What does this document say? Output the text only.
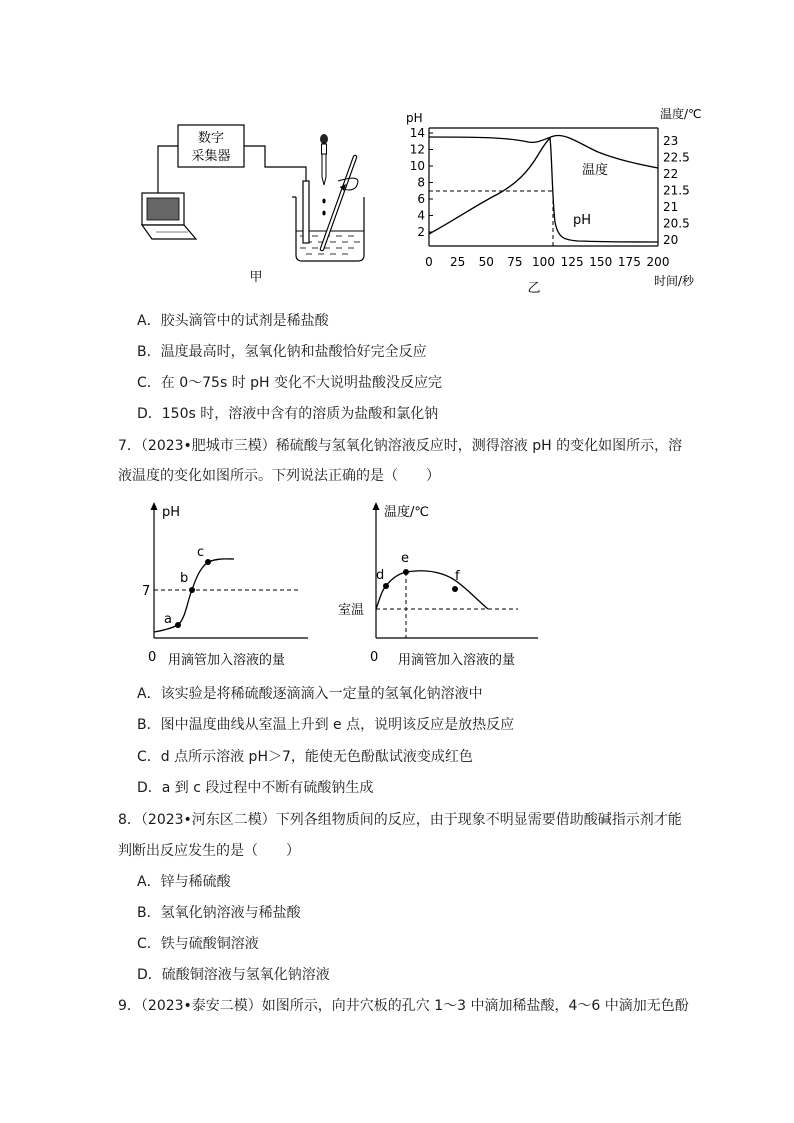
数字
采集器
甲
pH	温度/℃
14
12
10
8
6
4
2
23
22.5
22
21.5
21
20.5
20
0 25 50 75 100 125 150 175 200
时间/秒
温度
pH
乙
A．胶头滴管中的试剂是稀盐酸
B．温度最高时，氢氧化钠和盐酸恰好完全反应
C．在 0～75s 时 pH 变化不大说明盐酸没反应完
D．150s 时，溶液中含有的溶质为盐酸和氯化钠
7．（2023•肥城市三模）稀硫酸与氢氧化钠溶液反应时，测得溶液 pH 的变化如图所示，溶
液温度的变化如图所示。下列说法正确的是（　　）
pH
7
a
b
c
0 用滴管加入溶液的量
温度/℃
室温
d
e
f
0 用滴管加入溶液的量
A．该实验是将稀硫酸逐滴滴入一定量的氢氧化钠溶液中
B．图中温度曲线从室温上升到 e 点，说明该反应是放热反应
C．d 点所示溶液 pH＞7，能使无色酚酞试液变成红色
D．a 到 c 段过程中不断有硫酸钠生成
8．（2023•河东区二模）下列各组物质间的反应，由于现象不明显需要借助酸碱指示剂才能
判断出反应发生的是（　　）
A．锌与稀硫酸
B．氢氧化钠溶液与稀盐酸
C．铁与硫酸铜溶液
D．硫酸铜溶液与氢氧化钠溶液
9．（2023•泰安二模）如图所示，向井穴板的孔穴 1～3 中滴加稀盐酸，4～6 中滴加无色酚
